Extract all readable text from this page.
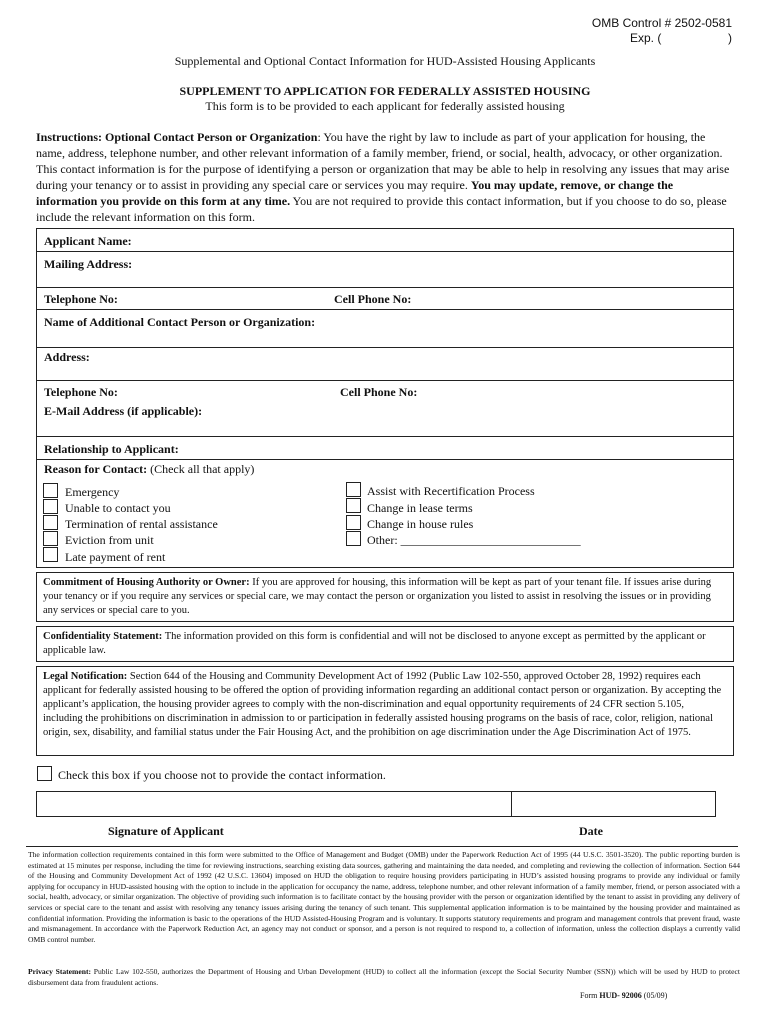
OMB Control # 2502-0581
Exp. (                    )
Supplemental and Optional Contact Information for HUD-Assisted Housing Applicants
SUPPLEMENT TO APPLICATION FOR FEDERALLY ASSISTED HOUSING
This form is to be provided to each applicant for federally assisted housing
Instructions: Optional Contact Person or Organization: You have the right by law to include as part of your application for housing, the name, address, telephone number, and other relevant information of a family member, friend, or social, health, advocacy, or other organization. This contact information is for the purpose of identifying a person or organization that may be able to help in resolving any issues that may arise during your tenancy or to assist in providing any special care or services you may require. You may update, remove, or change the information you provide on this form at any time. You are not required to provide this contact information, but if you choose to do so, please include the relevant information on this form.
Applicant Name:
Mailing Address:
Telephone No:	Cell Phone No:
Name of Additional Contact Person or Organization:
Address:
Telephone No:	Cell Phone No:
E-Mail Address (if applicable):
Relationship to Applicant:
Reason for Contact: (Check all that apply)
Emergency
Unable to contact you
Termination of rental assistance
Eviction from unit
Late payment of rent
Assist with Recertification Process
Change in lease terms
Change in house rules
Other: ______________________________
Commitment of Housing Authority or Owner: If you are approved for housing, this information will be kept as part of your tenant file. If issues arise during your tenancy or if you require any services or special care, we may contact the person or organization you listed to assist in resolving the issues or in providing any services or special care to you.
Confidentiality Statement: The information provided on this form is confidential and will not be disclosed to anyone except as permitted by the applicant or applicable law.
Legal Notification: Section 644 of the Housing and Community Development Act of 1992 (Public Law 102-550, approved October 28, 1992) requires each applicant for federally assisted housing to be offered the option of providing information regarding an additional contact person or organization. By accepting the applicant’s application, the housing provider agrees to comply with the non-discrimination and equal opportunity requirements of 24 CFR section 5.105, including the prohibitions on discrimination in admission to or participation in federally assisted housing programs on the basis of race, color, religion, national origin, sex, disability, and familial status under the Fair Housing Act, and the prohibition on age discrimination under the Age Discrimination Act of 1975.
Check this box if you choose not to provide the contact information.
Signature of Applicant	Date
The information collection requirements contained in this form were submitted to the Office of Management and Budget (OMB) under the Paperwork Reduction Act of 1995 (44 U.S.C. 3501-3520). The public reporting burden is estimated at 15 minutes per response, including the time for reviewing instructions, searching existing data sources, gathering and maintaining the data needed, and completing and reviewing the collection of information. Section 644 of the Housing and Community Development Act of 1992 (42 U.S.C. 13604) imposed on HUD the obligation to require housing providers participating in HUD’s assisted housing programs to provide any individual or family applying for occupancy in HUD-assisted housing with the option to include in the application for occupancy the name, address, telephone number, and other relevant information of a family member, friend, or person associated with a social, health, advocacy, or similar organization. The objective of providing such information is to facilitate contact by the housing provider with the person or organization identified by the tenant to assist in providing any delivery of services or special care to the tenant and assist with resolving any tenancy issues arising during the tenancy of such tenant. This supplemental application information is to be maintained by the housing provider and maintained as confidential information. Providing the information is basic to the operations of the HUD Assisted-Housing Program and is voluntary. It supports statutory requirements and program and management controls that prevent fraud, waste and mismanagement. In accordance with the Paperwork Reduction Act, an agency may not conduct or sponsor, and a person is not required to respond to, a collection of information, unless the collection displays a currently valid OMB control number.
Privacy Statement: Public Law 102-550, authorizes the Department of Housing and Urban Development (HUD) to collect all the information (except the Social Security Number (SSN)) which will be used by HUD to protect disbursement data from fraudulent actions.
Form HUD- 92006 (05/09)
